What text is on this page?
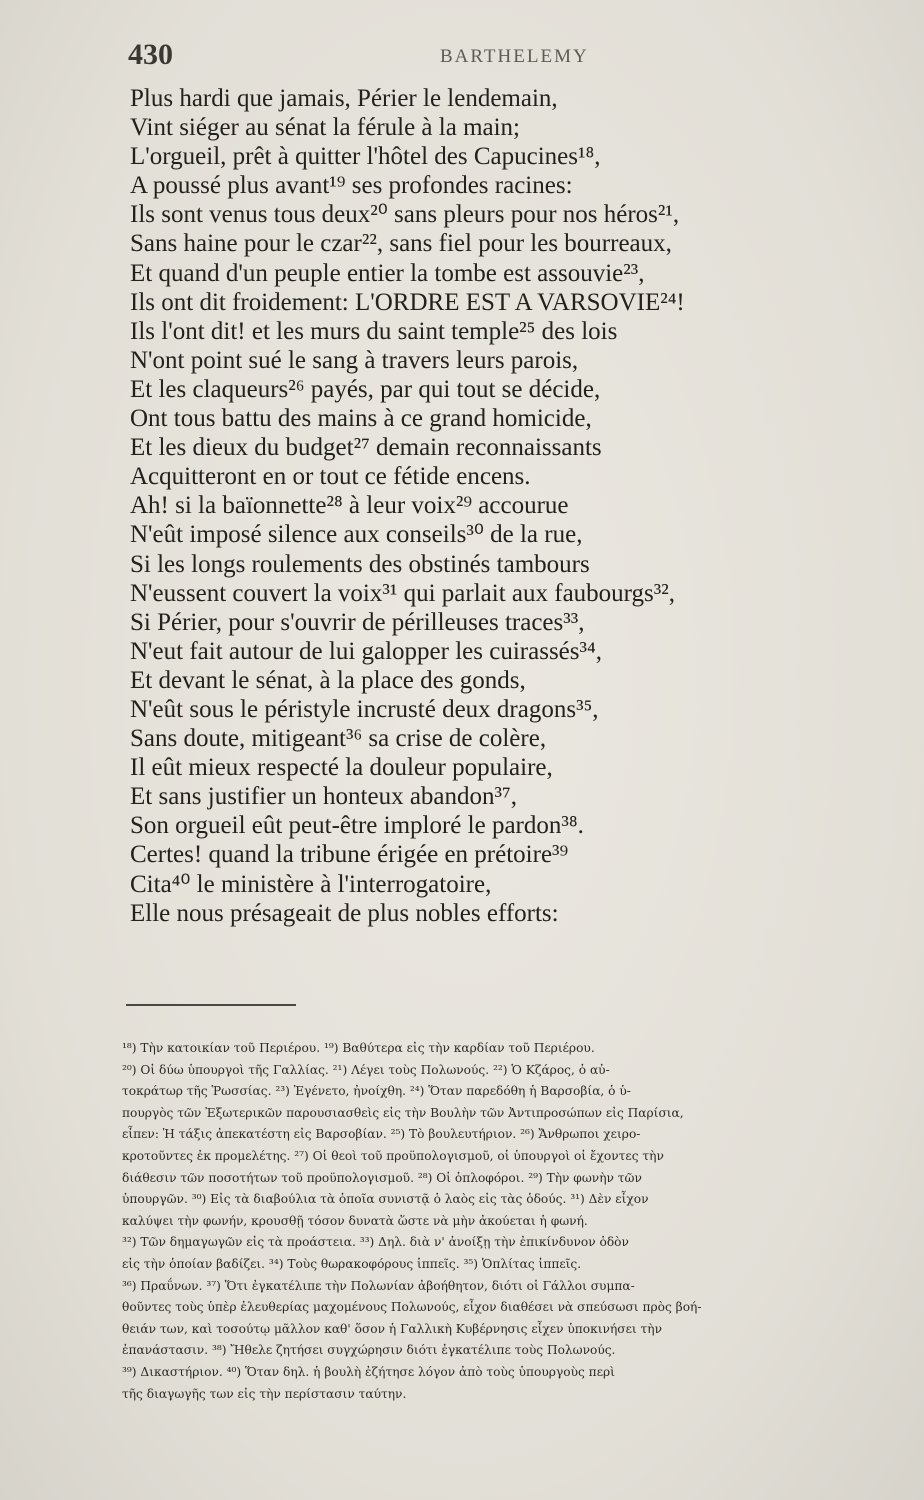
430	BARTHELEMY
Plus hardi que jamais, Périer le lendemain,
Vint siéger au sénat la férule à la main;
L'orgueil, prêt à quitter l'hôtel des Capucines¹⁸,
A poussé plus avant¹⁹ ses profondes racines:
Ils sont venus tous deux²⁰ sans pleurs pour nos héros²¹,
Sans haine pour le czar²², sans fiel pour les bourreaux,
Et quand d'un peuple entier la tombe est assouvie²³,
Ils ont dit froidement: L'ORDRE EST A VARSOVIE²⁴!
Ils l'ont dit! et les murs du saint temple²⁵ des lois
N'ont point sué le sang à travers leurs parois,
Et les claqueurs²⁶ payés, par qui tout se décide,
Ont tous battu des mains à ce grand homicide,
Et les dieux du budget²⁷ demain reconnaissants
Acquitteront en or tout ce fétide encens.
Ah! si la baïonnette²⁸ à leur voix²⁹ accourue
N'eût imposé silence aux conseils³⁰ de la rue,
Si les longs roulements des obstinés tambours
N'eussent couvert la voix³¹ qui parlait aux faubourgs³²,
Si Périer, pour s'ouvrir de périlleuses traces³³,
N'eut fait autour de lui galopper les cuirassés³⁴,
Et devant le sénat, à la place des gonds,
N'eût sous le péristyle incrusté deux dragons³⁵,
Sans doute, mitigeant³⁶ sa crise de colère,
Il eût mieux respecté la douleur populaire,
Et sans justifier un honteux abandon³⁷,
Son orgueil eût peut-être imploré le pardon³⁸.
Certes! quand la tribune érigée en prétoire³⁹
Cita⁴⁰ le ministère à l'interrogatoire,
Elle nous présageait de plus nobles efforts:
¹⁸) Τὴν κατοικίαν τοῦ Περιέρου. ¹⁹) Βαθύτερα εἰς τὴν καρδίαν τοῦ Περιέρου.
²⁰) Οἱ δύω ὑπουργοὶ τῆς Γαλλίας. ²¹) Λέγει τοὺς Πολωνούς. ²²) Ὁ Κζάρος, ὁ αὐ-
τοκράτωρ τῆς Ῥωσσίας. ²³) Ἐγένετο, ἠνοίχθη. ²⁴) Ὅταν παρεδόθη ἡ Βαρσοβία, ὁ ὑ-
πουργὸς τῶν Ἐξωτερικῶν παρουσιασθεὶς εἰς τὴν Βουλὴν τῶν Ἀντιπροσώπων εἰς Παρίσια,
εἶπεν: Ἡ τάξις ἀπεκατέστη εἰς Βαρσοβίαν. ²⁵) Τὸ βουλευτήριον. ²⁶) Ἄνθρωποι χειρο-
κροτοῦντες ἐκ προμελέτης. ²⁷) Οἱ θεοὶ τοῦ προϋπολογισμοῦ, οἱ ὑπουργοὶ οἱ ἔχοντες τὴν
διάθεσιν τῶν ποσοτήτων τοῦ προϋπολογισμοῦ. ²⁸) Οἱ ὁπλοφόροι. ²⁹) Τὴν φωνὴν τῶν
ὑπουργῶν. ³⁰) Εἰς τὰ διαβούλια τὰ ὁποῖα συνιστᾷ ὁ λαὸς εἰς τὰς ὁδούς. ³¹) Δὲν εἶχον
καλύψει τὴν φωνήν, κρουσθῇ τόσον δυνατὰ ὥστε νὰ μὴν ἀκούεται ἡ φωνή.
³²) Τῶν δημαγωγῶν εἰς τὰ προάστεια. ³³) Δηλ. διὰ ν' ἀνοίξῃ τὴν ἐπικίνδυνον ὁδὸν
εἰς τὴν ὁποίαν βαδίζει. ³⁴) Τοὺς θωρακοφόρους ἱππεῖς. ³⁵) Ὁπλίτας ἱππεῖς.
³⁶) Πραΰνων. ³⁷) Ὅτι ἐγκατέλιπε τὴν Πολωνίαν ἀβοήθητον, διότι οἱ Γάλλοι συμπα-
θοῦντες τοὺς ὑπὲρ ἐλευθερίας μαχομένους Πολωνούς, εἶχον διαθέσει νὰ σπεύσωσι πρὸς βοή-
θειάν των, καὶ τοσούτῳ μᾶλλον καθ' ὅσον ἡ Γαλλικὴ Κυβέρνησις εἶχεν ὑποκινήσει τὴν
ἐπανάστασιν. ³⁸) Ἤθελε ζητήσει συγχώρησιν διότι ἐγκατέλιπε τοὺς Πολωνούς.
³⁹) Δικαστήριον. ⁴⁰) Ὅταν δηλ. ἡ βουλὴ ἐζήτησε λόγον ἀπὸ τοὺς ὑπουργοὺς περὶ
τῆς διαγωγῆς των εἰς τὴν περίστασιν ταύτην.
